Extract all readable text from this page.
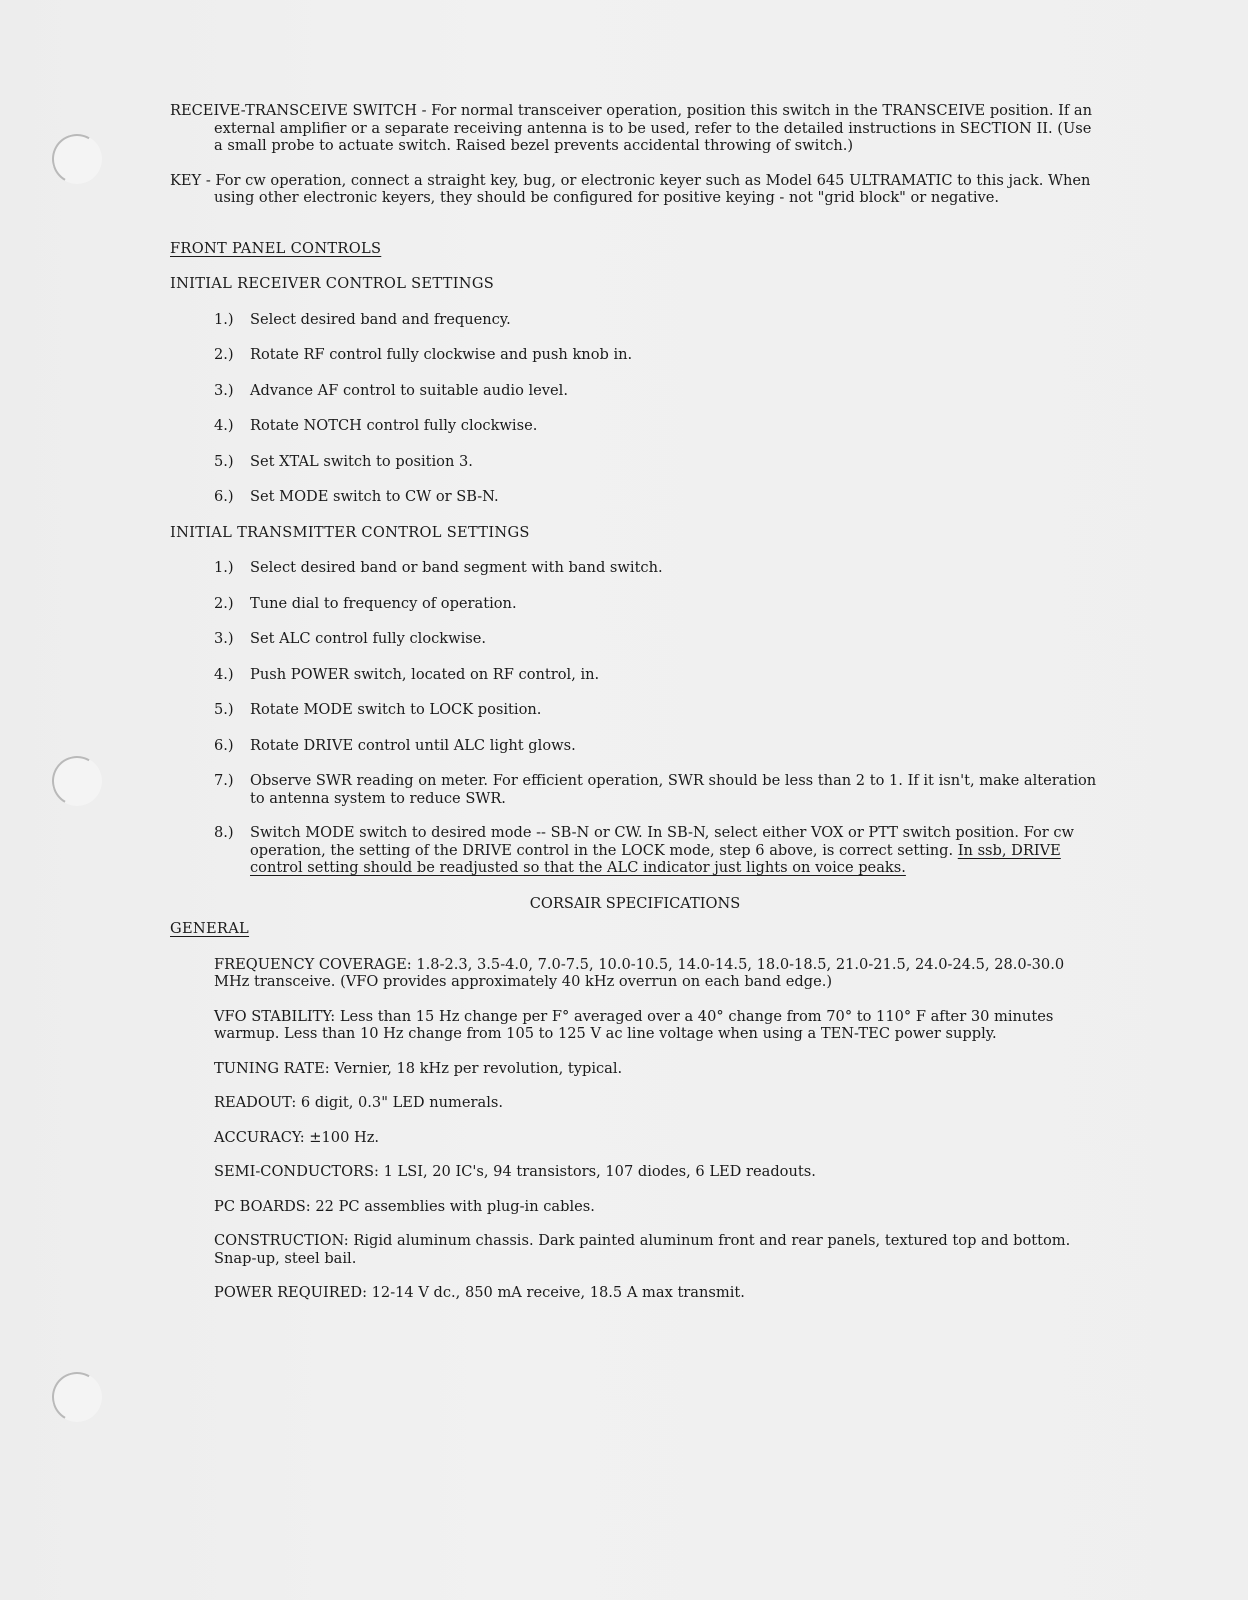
RECEIVE-TRANSCEIVE SWITCH - For normal transceiver operation, position this switch in the TRANSCEIVE position. If an external amplifier or a separate receiving antenna is to be used, refer to the detailed instructions in SECTION II. (Use a small probe to actuate switch. Raised bezel prevents accidental throwing of switch.)

KEY - For cw operation, connect a straight key, bug, or electronic keyer such as Model 645 ULTRAMATIC to this jack. When using other electronic keyers, they should be configured for positive keying - not "grid block" or negative.

FRONT PANEL CONTROLS

INITIAL RECEIVER CONTROL SETTINGS

1.) Select desired band and frequency.

2.) Rotate RF control fully clockwise and push knob in.

3.) Advance AF control to suitable audio level.

4.) Rotate NOTCH control fully clockwise.

5.) Set XTAL switch to position 3.

6.) Set MODE switch to CW or SB-N.

INITIAL TRANSMITTER CONTROL SETTINGS

1.) Select desired band or band segment with band switch.

2.) Tune dial to frequency of operation.

3.) Set ALC control fully clockwise.

4.) Push POWER switch, located on RF control, in.

5.) Rotate MODE switch to LOCK position.

6.) Rotate DRIVE control until ALC light glows.

7.) Observe SWR reading on meter. For efficient operation, SWR should be less than 2 to 1. If it isn't, make alteration to antenna system to reduce SWR.

8.) Switch MODE switch to desired mode -- SB-N or CW. In SB-N, select either VOX or PTT switch position. For cw operation, the setting of the DRIVE control in the LOCK mode, step 6 above, is correct setting. In ssb, DRIVE control setting should be readjusted so that the ALC indicator just lights on voice peaks.

CORSAIR SPECIFICATIONS

GENERAL

FREQUENCY COVERAGE: 1.8-2.3, 3.5-4.0, 7.0-7.5, 10.0-10.5, 14.0-14.5, 18.0-18.5, 21.0-21.5, 24.0-24.5, 28.0-30.0 MHz transceive. (VFO provides approximately 40 kHz overrun on each band edge.)

VFO STABILITY: Less than 15 Hz change per F° averaged over a 40° change from 70° to 110° F after 30 minutes warmup. Less than 10 Hz change from 105 to 125 V ac line voltage when using a TEN-TEC power supply.

TUNING RATE: Vernier, 18 kHz per revolution, typical.

READOUT: 6 digit, 0.3" LED numerals.

ACCURACY: ±100 Hz.

SEMI-CONDUCTORS: 1 LSI, 20 IC's, 94 transistors, 107 diodes, 6 LED readouts.

PC BOARDS: 22 PC assemblies with plug-in cables.

CONSTRUCTION: Rigid aluminum chassis. Dark painted aluminum front and rear panels, textured top and bottom. Snap-up, steel bail.

POWER REQUIRED: 12-14 V dc., 850 mA receive, 18.5 A max transmit.
